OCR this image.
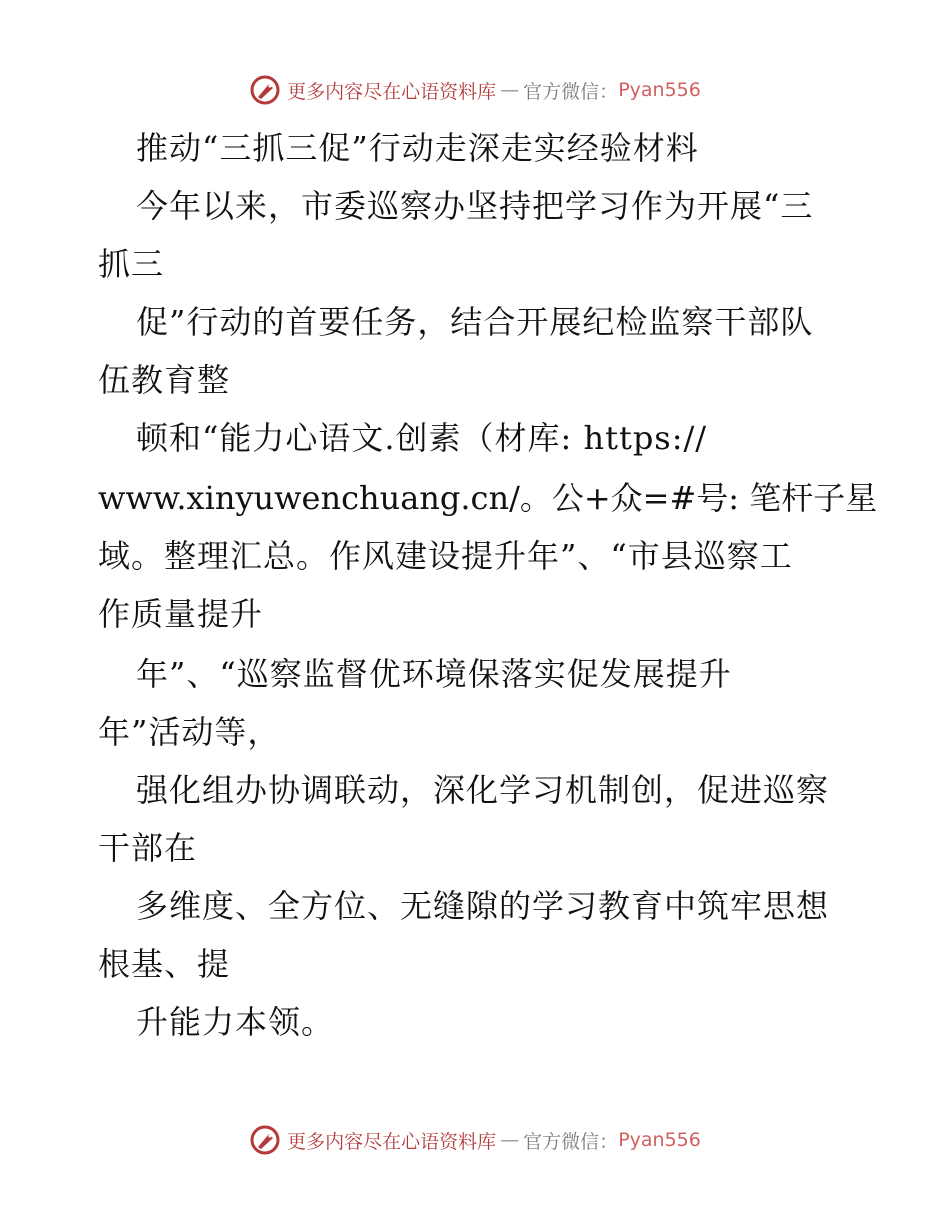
更多内容尽在心语资料库 — 官方微信： Pyan556
推动“三抓三促”行动走深走实经验材料
今年以来，市委巡察办坚持把学习作为开展“三
抓三
促”行动的首要任务，结合开展纪检监察干部队
伍教育整
顿和“能力心语文.创素（材库: https://
www.xinyuwenchuang.cn/。公+众=#号: 笔杆子星
域。整理汇总。作风建设提升年”、“市县巡察工
作质量提升
年”、“巡察监督优环境保落实促发展提升
年”活动等，
强化组办协调联动，深化学习机制创，促进巡察
干部在
多维度、全方位、无缝隙的学习教育中筑牢思想
根基、提
升能力本领。
更多内容尽在心语资料库 — 官方微信： Pyan556
